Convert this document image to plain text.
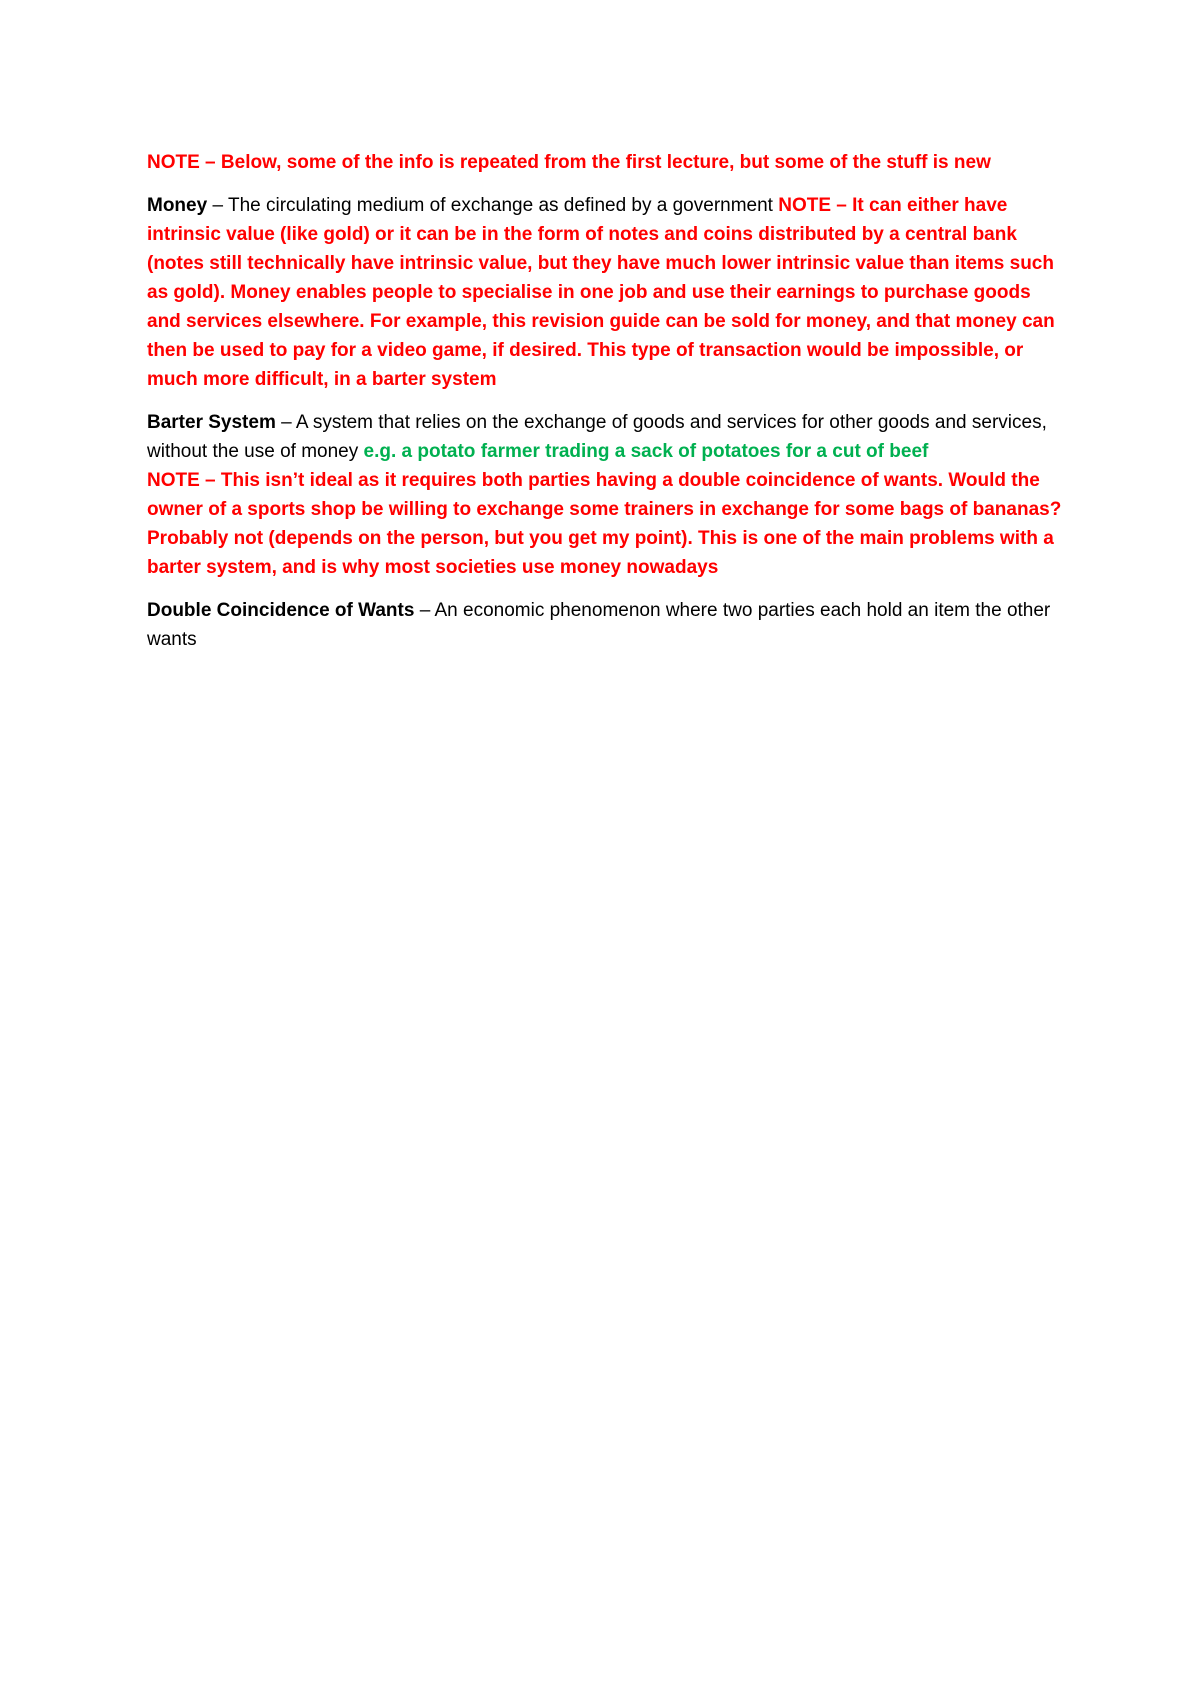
NOTE – Below, some of the info is repeated from the first lecture, but some of the stuff is new

Money – The circulating medium of exchange as defined by a government NOTE – It can either have intrinsic value (like gold) or it can be in the form of notes and coins distributed by a central bank (notes still technically have intrinsic value, but they have much lower intrinsic value than items such as gold). Money enables people to specialise in one job and use their earnings to purchase goods and services elsewhere. For example, this revision guide can be sold for money, and that money can then be used to pay for a video game, if desired. This type of transaction would be impossible, or much more difficult, in a barter system

Barter System – A system that relies on the exchange of goods and services for other goods and services, without the use of money e.g. a potato farmer trading a sack of potatoes for a cut of beef
NOTE – This isn’t ideal as it requires both parties having a double coincidence of wants. Would the owner of a sports shop be willing to exchange some trainers in exchange for some bags of bananas? Probably not (depends on the person, but you get my point). This is one of the main problems with a barter system, and is why most societies use money nowadays

Double Coincidence of Wants – An economic phenomenon where two parties each hold an item the other wants
